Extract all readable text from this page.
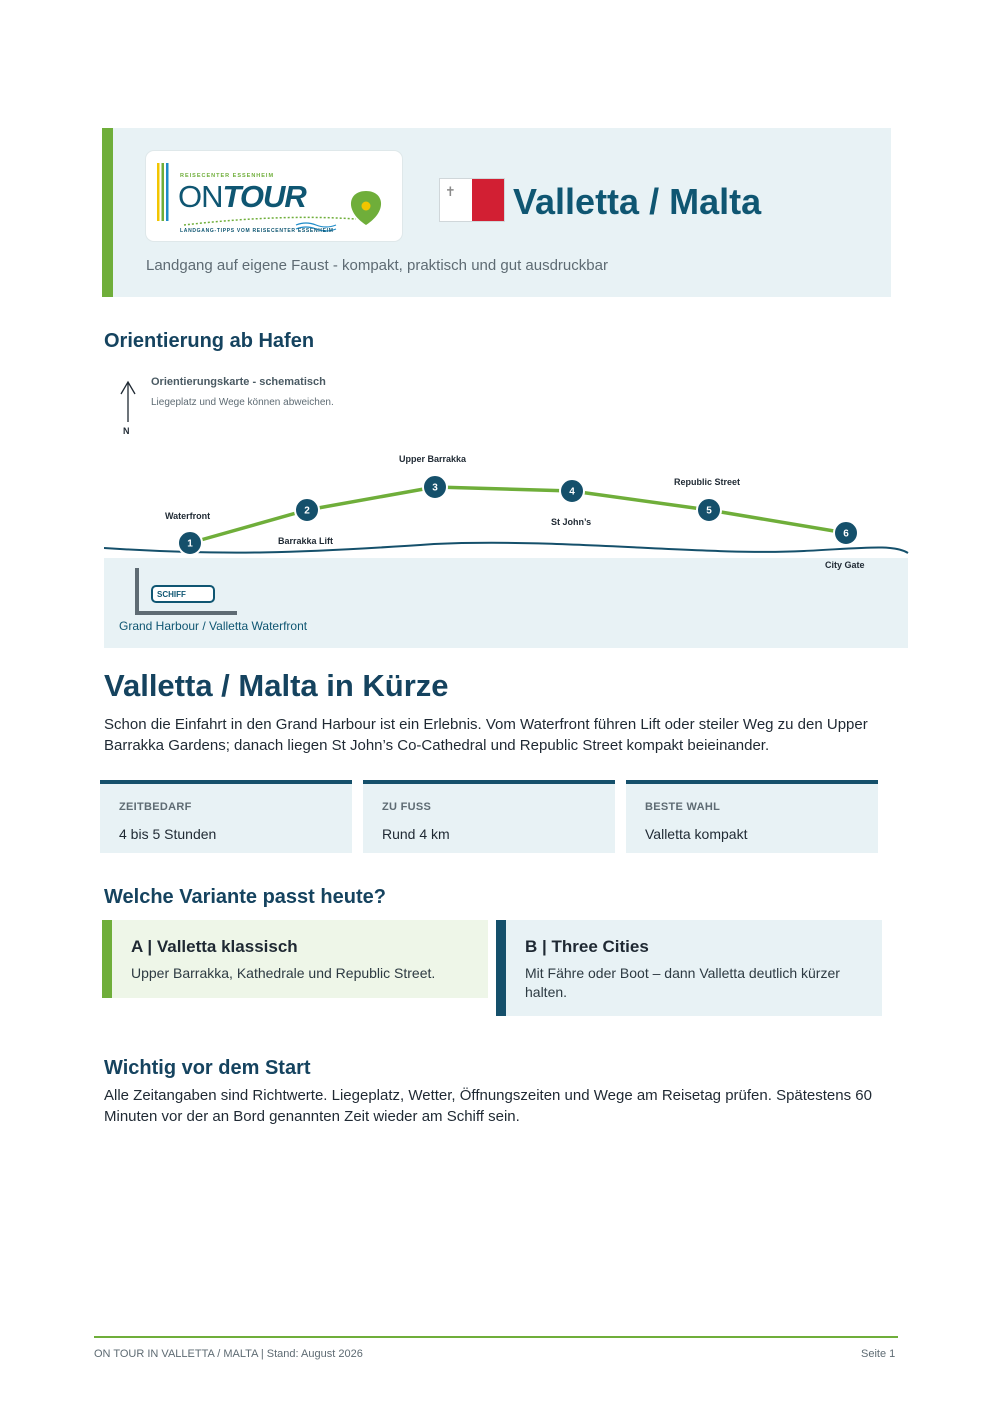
REISECENTER ESSENHEIM
ONTOUR
LANDGANG-TIPPS VOM REISECENTER ESSENHEIM
✝ Valletta / Malta
Landgang auf eigene Faust - kompakt, praktisch und gut ausdruckbar
Orientierung ab Hafen
1
2
3	4
5
6
Orientierungskarte - schematisch
Liegeplatz und Wege können abweichen.
N
Waterfront
Barrakka Lift
Upper Barrakka
St John’s
Republic Street
City Gate
SCHIFF
Grand Harbour / Valletta Waterfront
Valletta / Malta in Kürze
Schon die Einfahrt in den Grand Harbour ist ein Erlebnis. Vom Waterfront führen Lift oder steiler Weg zu den Upper Barrakka Gardens; danach liegen St John’s Co-Cathedral und Republic Street kompakt beieinander.
ZEITBEDARF
4 bis 5 Stunden
ZU FUSS
Rund 4 km
BESTE WAHL
Valletta kompakt
Welche Variante passt heute?
A | Valletta klassisch
Upper Barrakka, Kathedrale und Republic Street.
B | Three Cities
Mit Fähre oder Boot – dann Valletta deutlich kürzer halten.
Wichtig vor dem Start
Alle Zeitangaben sind Richtwerte. Liegeplatz, Wetter, Öffnungszeiten und Wege am Reisetag prüfen. Spätestens 60 Minuten vor der an Bord genannten Zeit wieder am Schiff sein.
ON TOUR IN VALLETTA / MALTA | Stand: August 2026	Seite 1
